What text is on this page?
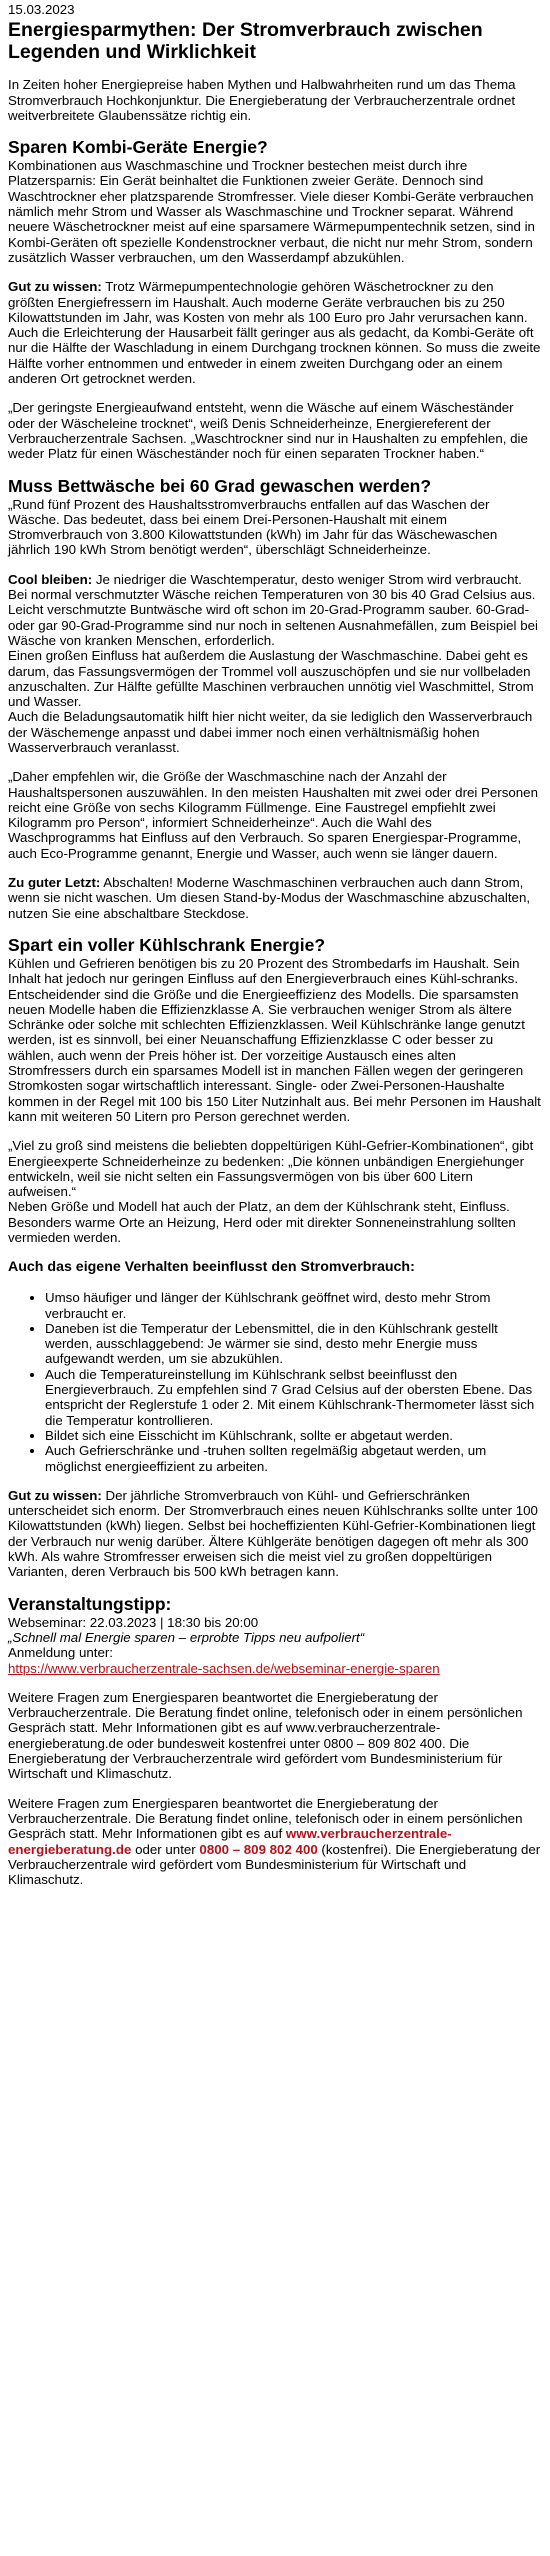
15.03.2023

Energiesparmythen: Der Stromverbrauch zwischen Legenden und Wirklichkeit

In Zeiten hoher Energiepreise haben Mythen und Halbwahrheiten rund um das Thema Stromverbrauch Hochkonjunktur. Die Energieberatung der Verbraucherzentrale ordnet weitverbreitete Glaubenssätze richtig ein.

Sparen Kombi-Geräte Energie?

Kombinationen aus Waschmaschine und Trockner bestechen meist durch ihre Platzersparnis: Ein Gerät beinhaltet die Funktionen zweier Geräte. Dennoch sind Waschtrockner eher platzsparende Stromfresser. Viele dieser Kombi-Geräte verbrauchen nämlich mehr Strom und Wasser als Waschmaschine und Trockner separat. Während neuere Wäschetrockner meist auf eine sparsamere Wärmepumpentechnik setzen, sind in Kombi-Geräten oft spezielle Kondenstrockner verbaut, die nicht nur mehr Strom, sondern zusätzlich Wasser verbrauchen, um den Wasserdampf abzukühlen.

Gut zu wissen: Trotz Wärmepumpentechnologie gehören Wäschetrockner zu den größten Energiefressern im Haushalt. Auch moderne Geräte verbrauchen bis zu 250 Kilowattstunden im Jahr, was Kosten von mehr als 100 Euro pro Jahr verursachen kann.
Auch die Erleichterung der Hausarbeit fällt geringer aus als gedacht, da Kombi-Geräte oft nur die Hälfte der Waschladung in einem Durchgang trocknen können. So muss die zweite Hälfte vorher entnommen und entweder in einem zweiten Durchgang oder an einem anderen Ort getrocknet werden.

„Der geringste Energieaufwand entsteht, wenn die Wäsche auf einem Wäscheständer oder der Wäscheleine trocknet“, weiß Denis Schneiderheinze, Energiereferent der Verbraucherzentrale Sachsen. „Waschtrockner sind nur in Haushalten zu empfehlen, die weder Platz für einen Wäscheständer noch für einen separaten Trockner haben.“

Muss Bettwäsche bei 60 Grad gewaschen werden?

„Rund fünf Prozent des Haushaltsstromverbrauchs entfallen auf das Waschen der Wäsche. Das bedeutet, dass bei einem Drei-Personen-Haushalt mit einem Stromverbrauch von 3.800 Kilowattstunden (kWh) im Jahr für das Wäschewaschen jährlich 190 kWh Strom benötigt werden“, überschlägt Schneiderheinze.

Cool bleiben: Je niedriger die Waschtemperatur, desto weniger Strom wird verbraucht. Bei normal verschmutzter Wäsche reichen Temperaturen von 30 bis 40 Grad Celsius aus. Leicht verschmutzte Buntwäsche wird oft schon im 20-Grad-Programm sauber. 60-Grad- oder gar 90-Grad-Programme sind nur noch in seltenen Ausnahmefällen, zum Beispiel bei Wäsche von kranken Menschen, erforderlich.
Einen großen Einfluss hat außerdem die Auslastung der Waschmaschine. Dabei geht es darum, das Fassungsvermögen der Trommel voll auszuschöpfen und sie nur vollbeladen anzuschalten. Zur Hälfte gefüllte Maschinen verbrauchen unnötig viel Waschmittel, Strom und Wasser.
Auch die Beladungsautomatik hilft hier nicht weiter, da sie lediglich den Wasserverbrauch der Wäschemenge anpasst und dabei immer noch einen verhältnismäßig hohen Wasserverbrauch veranlasst.

„Daher empfehlen wir, die Größe der Waschmaschine nach der Anzahl der Haushaltspersonen auszuwählen. In den meisten Haushalten mit zwei oder drei Personen reicht eine Größe von sechs Kilogramm Füllmenge. Eine Faustregel empfiehlt zwei Kilogramm pro Person“, informiert Schneiderheinze“. Auch die Wahl des Waschprogramms hat Einfluss auf den Verbrauch. So sparen Energiespar-Programme, auch Eco-Programme genannt, Energie und Wasser, auch wenn sie länger dauern.

Zu guter Letzt: Abschalten! Moderne Waschmaschinen verbrauchen auch dann Strom, wenn sie nicht waschen. Um diesen Stand-by-Modus der Waschmaschine abzuschalten, nutzen Sie eine abschaltbare Steckdose.

Spart ein voller Kühlschrank Energie?

Kühlen und Gefrieren benötigen bis zu 20 Prozent des Strombedarfs im Haushalt. Sein Inhalt hat jedoch nur geringen Einfluss auf den Energieverbrauch eines Kühl-schranks. Entscheidender sind die Größe und die Energieeffizienz des Modells. Die sparsamsten neuen Modelle haben die Effizienzklasse A. Sie verbrauchen weniger Strom als ältere Schränke oder solche mit schlechten Effizienzklassen. Weil Kühlschränke lange genutzt werden, ist es sinnvoll, bei einer Neuanschaffung Effizienzklasse C oder besser zu wählen, auch wenn der Preis höher ist. Der vorzeitige Austausch eines alten Stromfressers durch ein sparsames Modell ist in manchen Fällen wegen der geringeren Stromkosten sogar wirtschaftlich interessant. Single- oder Zwei-Personen-Haushalte kommen in der Regel mit 100 bis 150 Liter Nutzinhalt aus. Bei mehr Personen im Haushalt kann mit weiteren 50 Litern pro Person gerechnet werden.

„Viel zu groß sind meistens die beliebten doppeltürigen Kühl-Gefrier-Kombinationen“, gibt Energieexperte Schneiderheinze zu bedenken: „Die können unbändigen Energiehunger entwickeln, weil sie nicht selten ein Fassungsvermögen von bis über 600 Litern aufweisen.“
Neben Größe und Modell hat auch der Platz, an dem der Kühlschrank steht, Einfluss. Besonders warme Orte an Heizung, Herd oder mit direkter Sonneneinstrahlung sollten vermieden werden.

Auch das eigene Verhalten beeinflusst den Stromverbrauch:
• Umso häufiger und länger der Kühlschrank geöffnet wird, desto mehr Strom verbraucht er.
• Daneben ist die Temperatur der Lebensmittel, die in den Kühlschrank gestellt werden, ausschlaggebend: Je wärmer sie sind, desto mehr Energie muss aufgewandt werden, um sie abzukühlen.
• Auch die Temperatureinstellung im Kühlschrank selbst beeinflusst den Energieverbrauch. Zu empfehlen sind 7 Grad Celsius auf der obersten Ebene. Das entspricht der Reglerstufe 1 oder 2. Mit einem Kühlschrank-Thermometer lässt sich die Temperatur kontrollieren.
• Bildet sich eine Eisschicht im Kühlschrank, sollte er abgetaut werden.
• Auch Gefrierschränke und -truhen sollten regelmäßig abgetaut werden, um möglichst energieeffizient zu arbeiten.

Gut zu wissen: Der jährliche Stromverbrauch von Kühl- und Gefrierschränken unterscheidet sich enorm. Der Stromverbrauch eines neuen Kühlschranks sollte unter 100 Kilowattstunden (kWh) liegen. Selbst bei hocheffizienten Kühl-Gefrier-Kombinationen liegt der Verbrauch nur wenig darüber. Ältere Kühlgeräte benötigen dagegen oft mehr als 300 kWh. Als wahre Stromfresser erweisen sich die meist viel zu großen doppeltürigen Varianten, deren Verbrauch bis 500 kWh betragen kann.

Veranstaltungstipp:

Webseminar: 22.03.2023 | 18:30 bis 20:00
„Schnell mal Energie sparen – erprobte Tipps neu aufpoliert“
Anmeldung unter:
https://www.verbraucherzentrale-sachsen.de/webseminar-energie-sparen

Weitere Fragen zum Energiesparen beantwortet die Energieberatung der Verbraucherzentrale. Die Beratung findet online, telefonisch oder in einem persönlichen Gespräch statt. Mehr Informationen gibt es auf www.verbraucherzentrale-energieberatung.de oder bundesweit kostenfrei unter 0800 – 809 802 400. Die Energieberatung der Verbraucherzentrale wird gefördert vom Bundesministerium für Wirtschaft und Klimaschutz.

Weitere Fragen zum Energiesparen beantwortet die Energieberatung der Verbraucherzentrale. Die Beratung findet online, telefonisch oder in einem persönlichen Gespräch statt. Mehr Informationen gibt es auf www.verbraucherzentrale-energieberatung.de oder unter 0800 – 809 802 400 (kostenfrei). Die Energieberatung der Verbraucherzentrale wird gefördert vom Bundesministerium für Wirtschaft und Klimaschutz.
